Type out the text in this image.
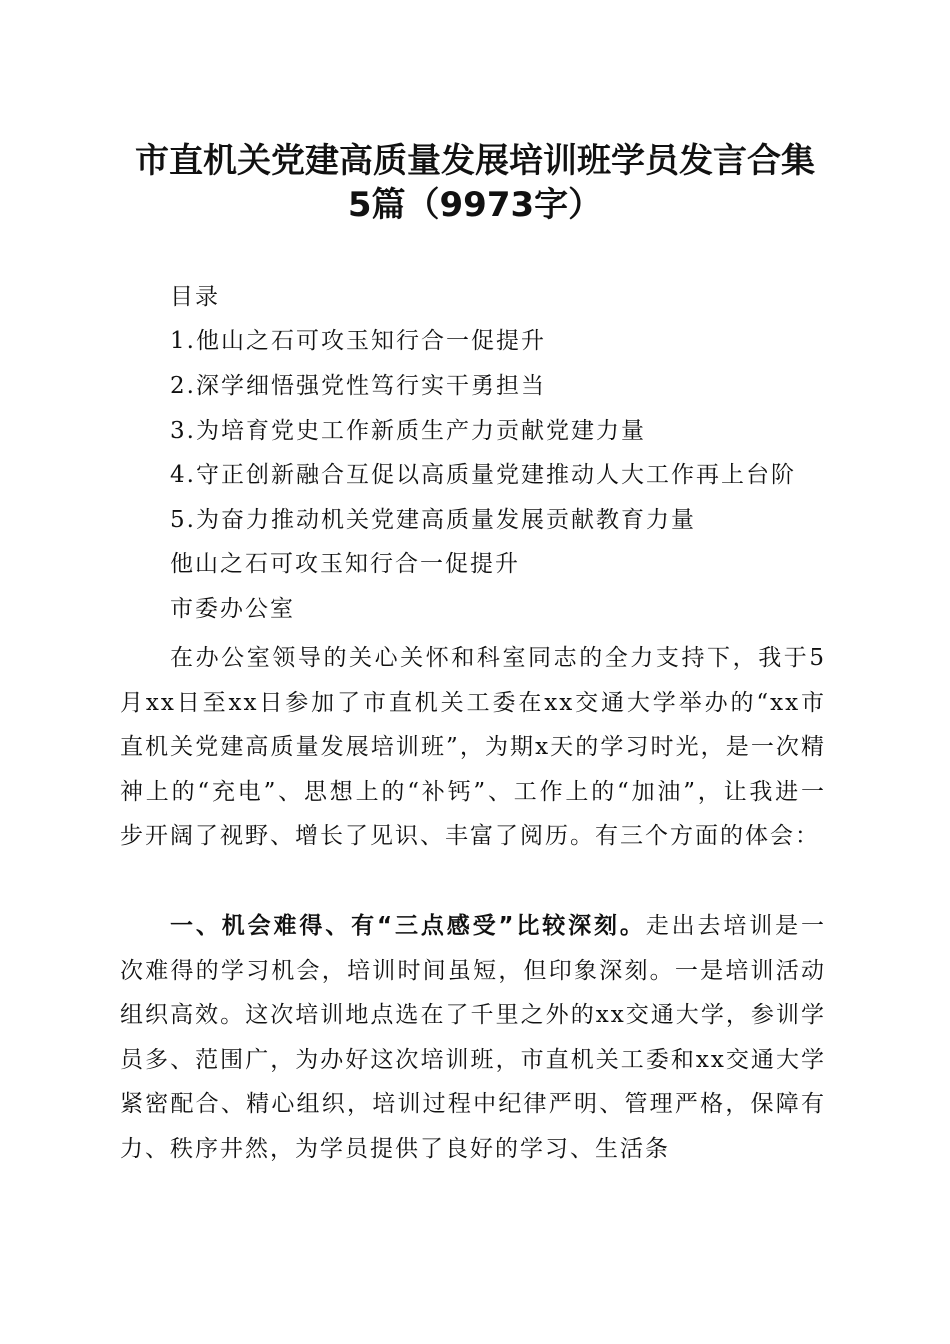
市直机关党建高质量发展培训班学员发言合集
5篇（9973字）
目录
1.他山之石可攻玉知行合一促提升
2.深学细悟强党性笃行实干勇担当
3.为培育党史工作新质生产力贡献党建力量
4.守正创新融合互促以高质量党建推动人大工作再上台阶
5.为奋力推动机关党建高质量发展贡献教育力量
他山之石可攻玉知行合一促提升
市委办公室
在办公室领导的关心关怀和科室同志的全力支持下，我于5月xx日至xx日参加了市直机关工委在xx交通大学举办的“xx市直机关党建高质量发展培训班”，为期x天的学习时光，是一次精神上的“充电”、思想上的“补钙”、工作上的“加油”，让我进一步开阔了视野、增长了见识、丰富了阅历。有三个方面的体会：
一、机会难得、有“三点感受”比较深刻。走出去培训是一次难得的学习机会，培训时间虽短，但印象深刻。一是培训活动组织高效。这次培训地点选在了千里之外的xx交通大学，参训学员多、范围广，为办好这次培训班，市直机关工委和xx交通大学紧密配合、精心组织，培训过程中纪律严明、管理严格，保障有力、秩序井然，为学员提供了良好的学习、生活条
